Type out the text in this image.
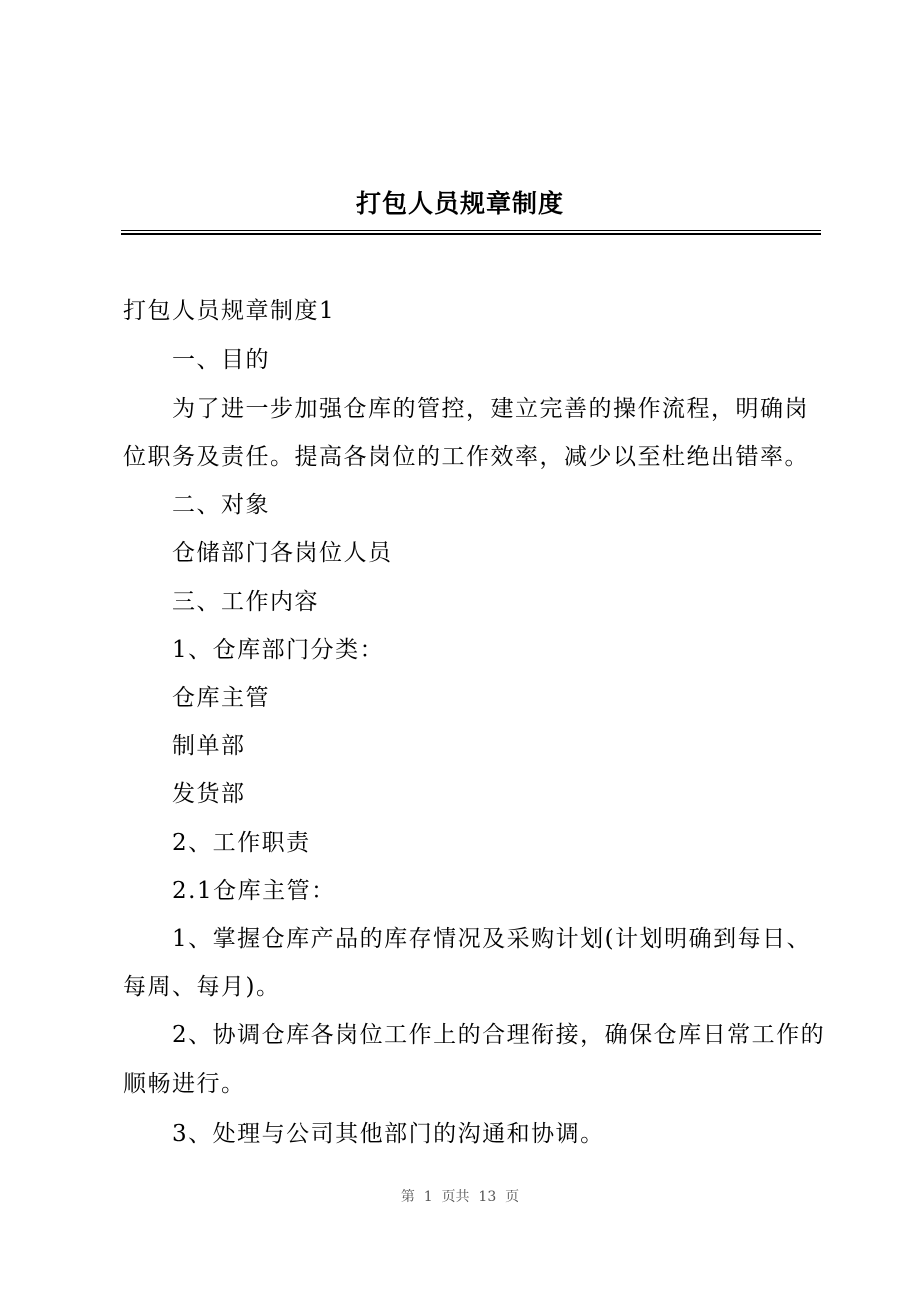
打包人员规章制度
打包人员规章制度1
一、目的
为了进一步加强仓库的管控，建立完善的操作流程，明确岗
位职务及责任。提高各岗位的工作效率，减少以至杜绝出错率。
二、对象
仓储部门各岗位人员
三、工作内容
1、仓库部门分类：
仓库主管
制单部
发货部
2、工作职责
2.1仓库主管：
1、掌握仓库产品的库存情况及采购计划(计划明确到每日、
每周、每月)。
2、协调仓库各岗位工作上的合理衔接，确保仓库日常工作的
顺畅进行。
3、处理与公司其他部门的沟通和协调。
第  1  页共  13  页
